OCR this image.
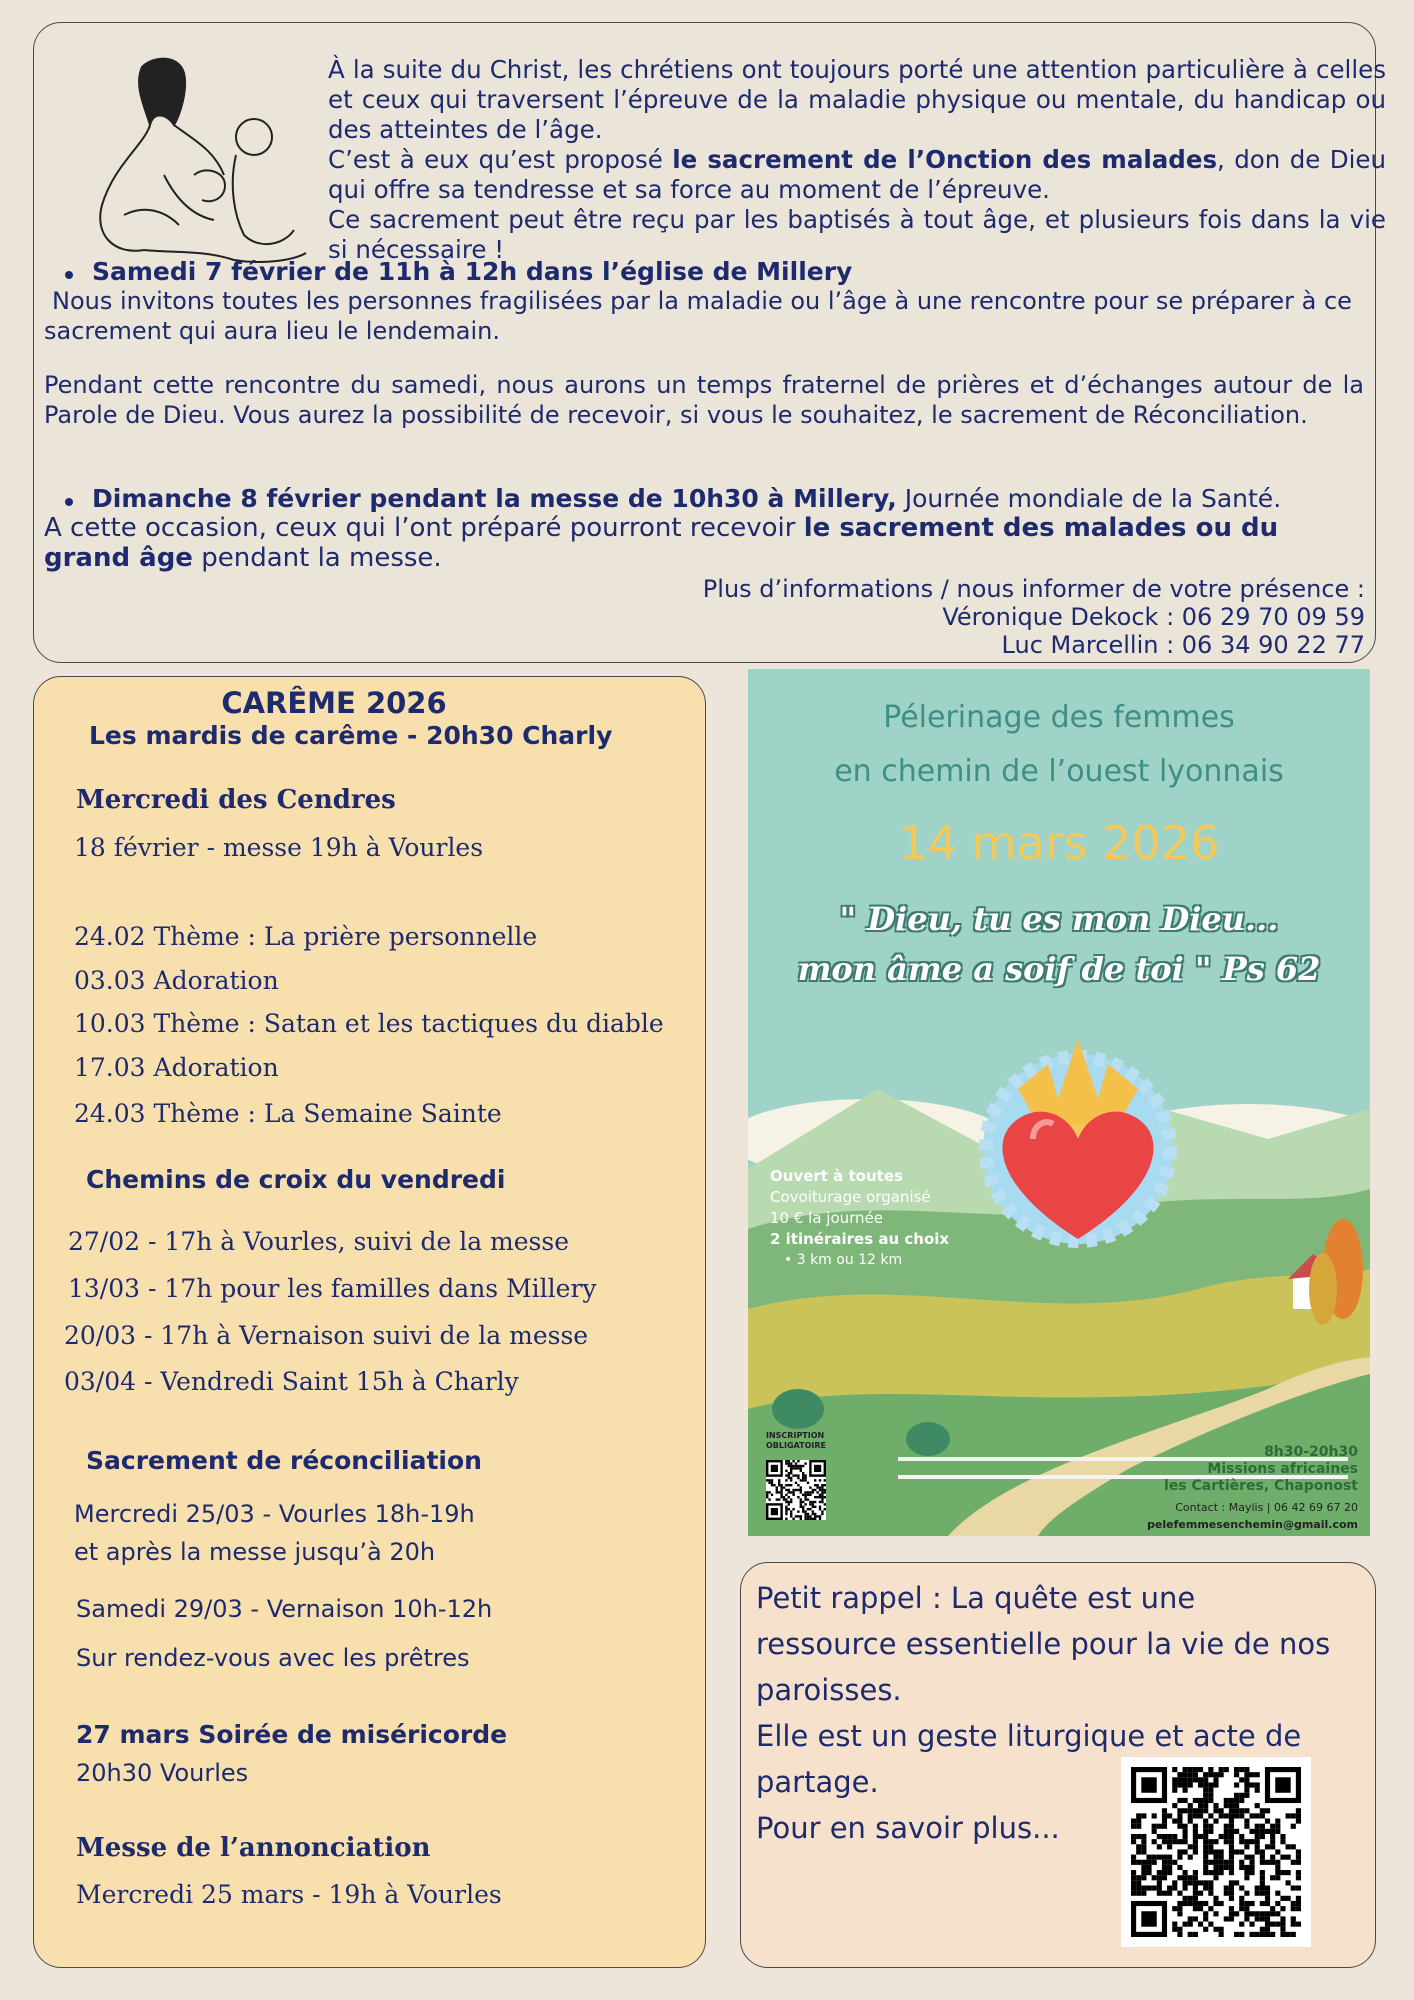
À la suite du Christ, les chrétiens ont toujours porté une attention particulière à celles et ceux qui traversent l’épreuve de la maladie physique ou mentale, du handicap ou des atteintes de l’âge.
C’est à eux qu’est proposé le sacrement de l’Onction des malades, don de Dieu qui offre sa tendresse et sa force au moment de l’épreuve.
Ce sacrement peut être reçu par les baptisés à tout âge, et plusieurs fois dans la vie si nécessaire !

Samedi 7 février de 11h à 12h dans l’église de Millery

Nous invitons toutes les personnes fragilisées par la maladie ou l’âge à une rencontre pour se préparer à ce sacrement qui aura lieu le lendemain.

Pendant cette rencontre du samedi, nous aurons un temps fraternel de prières et d’échanges autour de la Parole de Dieu. Vous aurez la possibilité de recevoir, si vous le souhaitez, le sacrement de Réconciliation.

Dimanche 8 février pendant la messe de 10h30 à Millery, Journée mondiale de la Santé.

A cette occasion, ceux qui l’ont préparé pourront recevoir le sacrement des malades ou du grand âge pendant la messe.

Plus d’informations / nous informer de votre présence :

Véronique Dekock : 06 29 70 09 59

Luc Marcellin : 06 34 90 22 77

CARÊME 2026
Les mardis de carême - 20h30 Charly
Mercredi des Cendres
18 février - messe 19h à Vourles
24.02 Thème : La prière personnelle
03.03 Adoration
10.03 Thème : Satan et les tactiques du diable
17.03 Adoration
24.03 Thème : La Semaine Sainte
Chemins de croix du vendredi
27/02 - 17h à Vourles, suivi de la messe
13/03 - 17h pour les familles dans Millery
20/03 - 17h à Vernaison suivi de la messe
03/04 - Vendredi Saint 15h à Charly
Sacrement de réconciliation
Mercredi 25/03 - Vourles 18h-19h
et après la messe jusqu’à 20h
Samedi 29/03 - Vernaison 10h-12h
Sur rendez-vous avec les prêtres
27 mars Soirée de miséricorde
20h30 Vourles
Messe de l’annonciation
Mercredi 25 mars - 19h à Vourles
Pélerinage des femmes
en chemin de l’ouest lyonnais
14 mars 2026
" Dieu, tu es mon Dieu...
mon âme a soif de toi " Ps 62
Ouvert à toutes
Covoiturage organisé
10 € la journée
2 itinéraires au choix
• 3 km ou 12 km
INSCRIPTION
OBLIGATOIRE	8h30-20h30
Missions africaines
les Cartières, Chaponost
Contact : Maylis | 06 42 69 67 20
pelefemmesenchemin@gmail.com
Petit rappel : La quête est une
ressource essentielle pour la vie de nos
paroisses.
Elle est un geste liturgique et acte de
partage.
Pour en savoir plus...
